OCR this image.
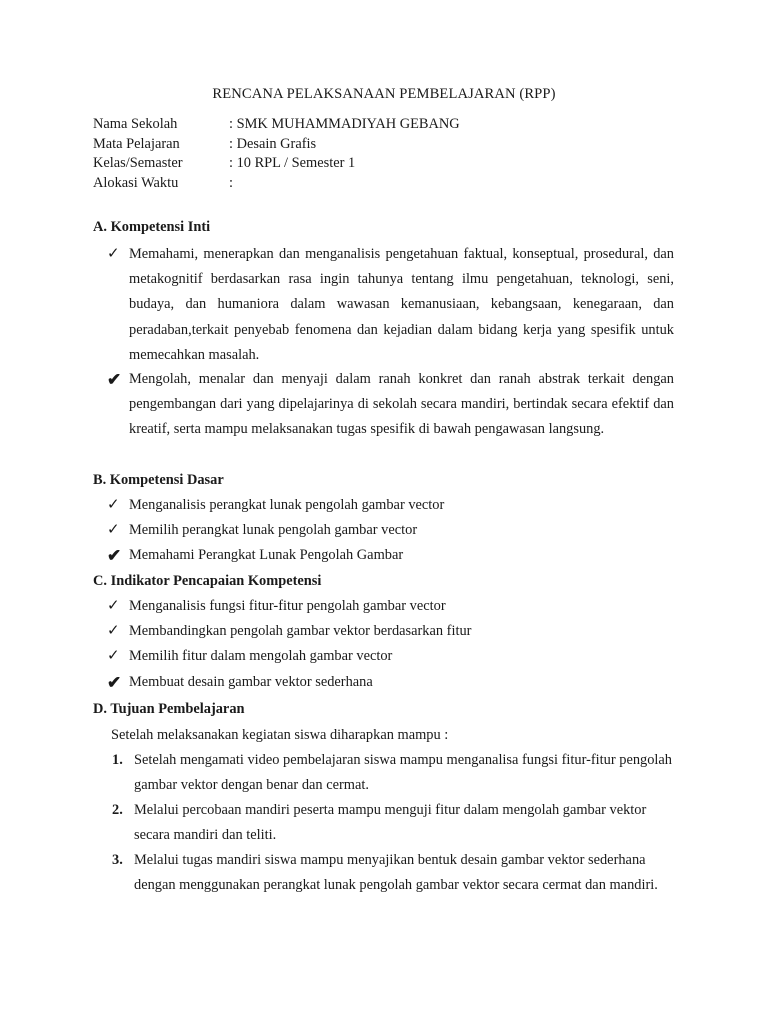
RENCANA PELAKSANAAN PEMBELAJARAN (RPP)
Nama Sekolah	: SMK MUHAMMADIYAH GEBANG
Mata Pelajaran	: Desain Grafis
Kelas/Semaster	: 10 RPL / Semester 1
Alokasi Waktu	:
A. Kompetensi Inti
✓ Memahami, menerapkan dan menganalisis pengetahuan faktual, konseptual, prosedural, dan metakognitif berdasarkan rasa ingin tahunya tentang ilmu pengetahuan, teknologi, seni, budaya, dan humaniora dalam wawasan kemanusiaan, kebangsaan, kenegaraan, dan peradaban,terkait penyebab fenomena dan kejadian dalam bidang kerja yang spesifik untuk memecahkan masalah.
✔ Mengolah, menalar dan menyaji dalam ranah konkret dan ranah abstrak terkait dengan pengembangan dari yang dipelajarinya di sekolah secara mandiri, bertindak secara efektif dan kreatif, serta mampu melaksanakan tugas spesifik di bawah pengawasan langsung.
B. Kompetensi Dasar
✓ Menganalisis perangkat lunak pengolah gambar vector
✓ Memilih perangkat lunak pengolah gambar vector
✔ Memahami Perangkat Lunak Pengolah Gambar
C. Indikator Pencapaian Kompetensi
✓ Menganalisis fungsi fitur-fitur pengolah gambar vector
✓ Membandingkan pengolah gambar vektor berdasarkan fitur
✓ Memilih fitur dalam mengolah gambar vector
✔ Membuat desain gambar vektor sederhana
D. Tujuan Pembelajaran
Setelah melaksanakan kegiatan siswa diharapkan mampu :
1. Setelah mengamati video pembelajaran siswa mampu menganalisa fungsi fitur-fitur pengolah gambar vektor dengan benar dan cermat.
2. Melalui percobaan mandiri peserta mampu menguji fitur dalam mengolah gambar vektor secara mandiri dan teliti.
3. Melalui tugas mandiri siswa mampu menyajikan bentuk desain gambar vektor sederhana dengan menggunakan perangkat lunak pengolah gambar vektor secara cermat dan mandiri.
